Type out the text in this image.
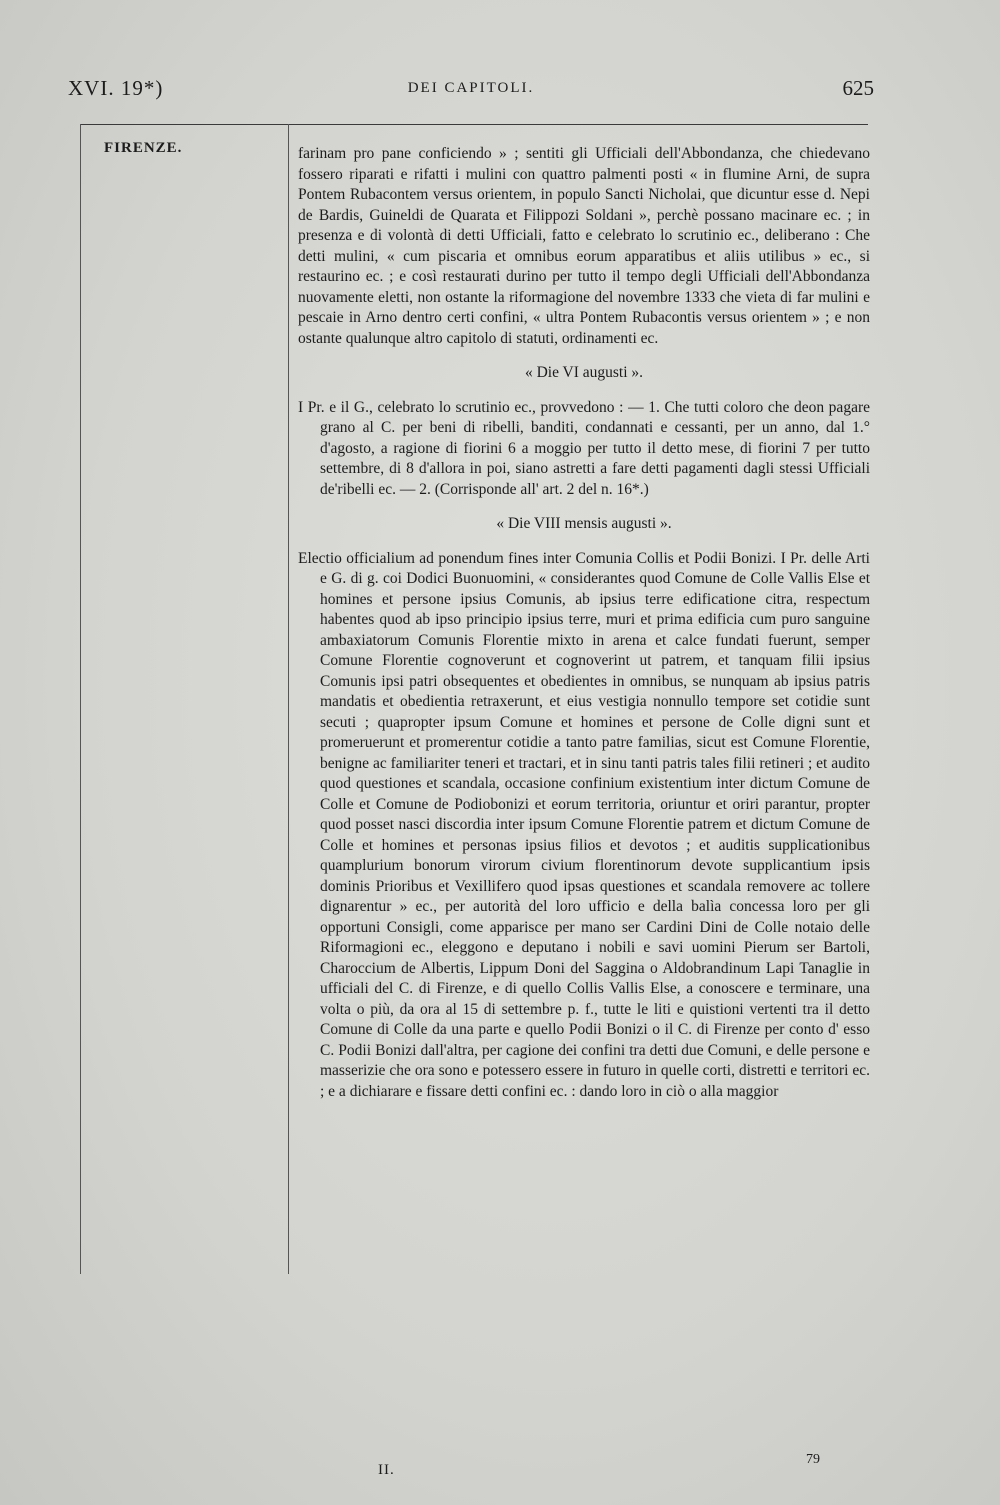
XVI. 19*)	DEI CAPITOLI.	625
FIRENZE.	farinam pro pane conficiendo » ; sentiti gli Ufficiali dell'Abbondanza, che chiedevano fossero riparati e rifatti i mulini con quattro palmenti posti « in flumine Arni, de supra Pontem Rubacontem versus orientem, in populo Sancti Nicholai, que dicuntur esse d. Nepi de Bardis, Guineldi de Quarata et Filippozi Soldani », perchè possano macinare ec. ; in presenza e di volontà di detti Ufficiali, fatto e celebrato lo scrutinio ec., deliberano : Che detti mulini, « cum piscaria et omnibus eorum apparatibus et aliis utilibus » ec., si restaurino ec. ; e così restaurati durino per tutto il tempo degli Ufficiali dell'Abbondanza nuovamente eletti, non ostante la riformagione del novembre 1333 che vieta di far mulini e pescaie in Arno dentro certi confini, « ultra Pontem Rubacontis versus orientem » ; e non ostante qualunque altro capitolo di statuti, ordinamenti ec.

« Die VI augusti ».

I Pr. e il G., celebrato lo scrutinio ec., provvedono : — 1. Che tutti coloro che deon pagare grano al C. per beni di ribelli, banditi, condannati e cessanti, per un anno, dal 1.° d'agosto, a ragione di fiorini 6 a moggio per tutto il detto mese, di fiorini 7 per tutto settembre, di 8 d'allora in poi, siano astretti a fare detti pagamenti dagli stessi Ufficiali de'ribelli ec. — 2. (Corrisponde all' art. 2 del n. 16*.)

« Die VIII mensis augusti ».

Electio officialium ad ponendum fines inter Comunia Collis et Podii Bonizi. I Pr. delle Arti e G. di g. coi Dodici Buonuomini, « considerantes quod Comune de Colle Vallis Else et homines et persone ipsius Comunis, ab ipsius terre edificatione citra, respectum habentes quod ab ipso principio ipsius terre, muri et prima edificia cum puro sanguine ambaxiatorum Comunis Florentie mixto in arena et calce fundati fuerunt, semper Comune Florentie cognoverunt et cognoverint ut patrem, et tanquam filii ipsius Comunis ipsi patri obsequentes et obedientes in omnibus, se nunquam ab ipsius patris mandatis et obedientia retraxerunt, et eius vestigia nonnullo tempore set cotidie sunt secuti ; quapropter ipsum Comune et homines et persone de Colle digni sunt et promeruerunt et promerentur cotidie a tanto patre familias, sicut est Comune Florentie, benigne ac familiariter teneri et tractari, et in sinu tanti patris tales filii retineri ; et audito quod questiones et scandala, occasione confinium existentium inter dictum Comune de Colle et Comune de Podiobonizi et eorum territoria, oriuntur et oriri parantur, propter quod posset nasci discordia inter ipsum Comune Florentie patrem et dictum Comune de Colle et homines et personas ipsius filios et devotos ; et auditis supplicationibus quamplurium bonorum virorum civium florentinorum devote supplicantium ipsis dominis Prioribus et Vexillifero quod ipsas questiones et scandala removere ac tollere dignarentur » ec., per autorità del loro ufficio e della balìa concessa loro per gli opportuni Consigli, come apparisce per mano ser Cardini Dini de Colle notaio delle Riformagioni ec., eleggono e deputano i nobili e savi uomini Pierum ser Bartoli, Charoccium de Albertis, Lippum Doni del Saggina o Aldobrandinum Lapi Tanaglie in ufficiali del C. di Firenze, e di quello Collis Vallis Else, a conoscere e terminare, una volta o più, da ora al 15 di settembre p. f., tutte le liti e quistioni vertenti tra il detto Comune di Colle da una parte e quello Podii Bonizi o il C. di Firenze per conto d' esso C. Podii Bonizi dall'altra, per cagione dei confini tra detti due Comuni, e delle persone e masserizie che ora sono e potessero essere in futuro in quelle corti, distretti e territori ec. ; e a dichiarare e fissare detti confini ec. : dando loro in ciò o alla maggior

II.
79
